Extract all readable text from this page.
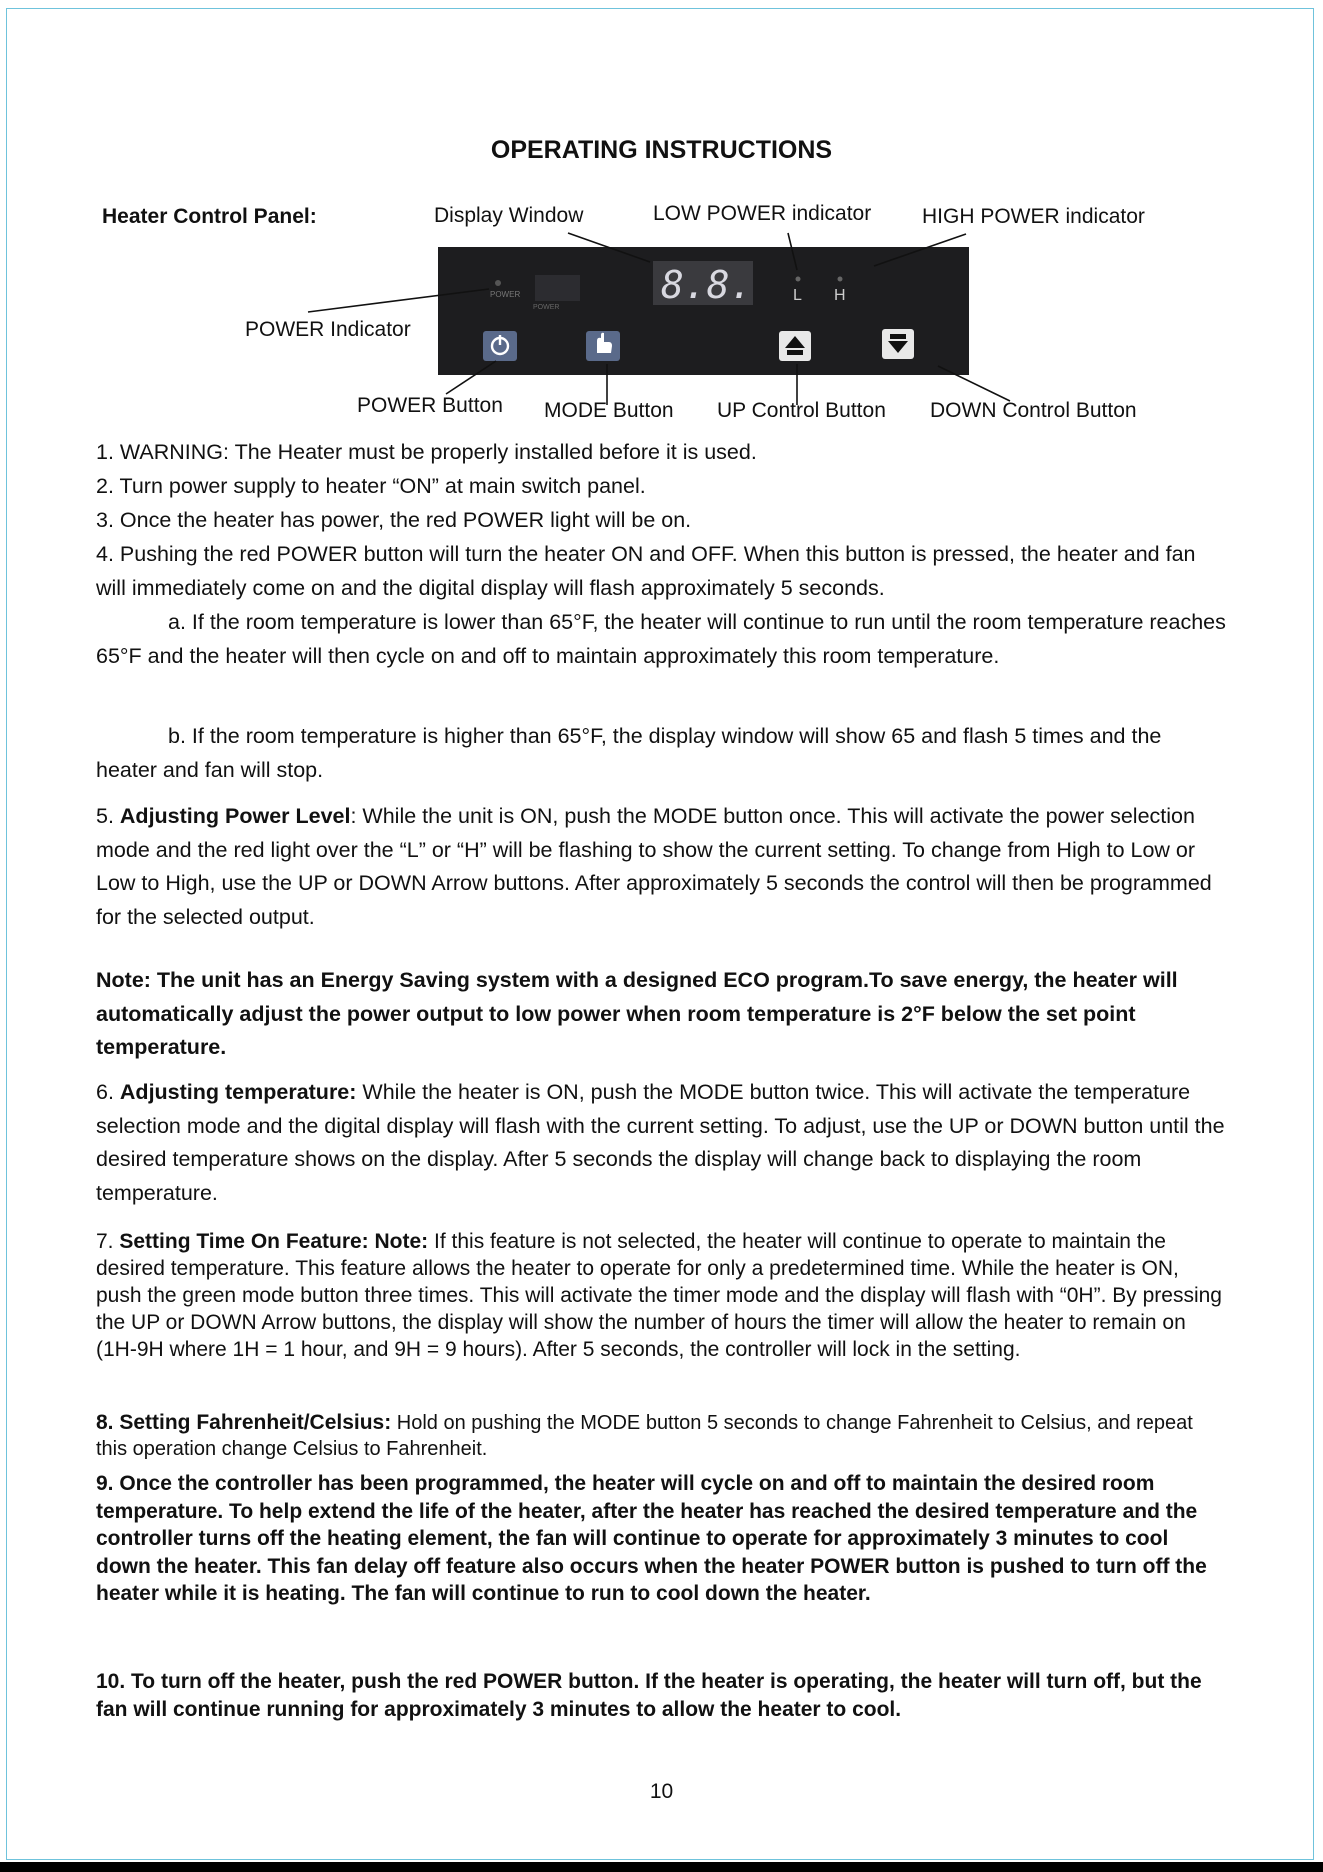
OPERATING INSTRUCTIONS
Heater Control Panel:	Display Window	LOW POWER indicator HIGH POWER indicator
POWER Indicator
POWER Button MODE Button UP Control Button DOWN Control Button
POWER
POWER
8.8.	L H
1. WARNING: The Heater must be properly installed before it is used.
2. Turn power supply to heater “ON” at main switch panel.
3. Once the heater has power, the red POWER light will be on.
4. Pushing the red POWER button will turn the heater ON and OFF. When this button is pressed, the heater and fan will immediately come on and the digital display will flash approximately 5 seconds.
a. If the room temperature is lower than 65°F, the heater will continue to run until the room temperature reaches 65°F and the heater will then cycle on and off to maintain approximately this room temperature.
b. If the room temperature is higher than 65°F, the display window will show 65 and flash 5 times and the heater and fan will stop.
5. Adjusting Power Level: While the unit is ON, push the MODE button once. This will activate the power selection mode and the red light over the “L” or “H” will be flashing to show the current setting. To change from High to Low or Low to High, use the UP or DOWN Arrow buttons. After approximately 5 seconds the control will then be programmed for the selected output.
Note: The unit has an Energy Saving system with a designed ECO program.To save energy, the heater will automatically adjust the power output to low power when room temperature is 2°F below the set point temperature.
6. Adjusting temperature: While the heater is ON, push the MODE button twice. This will activate the temperature selection mode and the digital display will flash with the current setting. To adjust, use the UP or DOWN button until the desired temperature shows on the display. After 5 seconds the display will change back to displaying the room temperature.
7. Setting Time On Feature: Note: If this feature is not selected, the heater will continue to operate to maintain the desired temperature. This feature allows the heater to operate for only a predetermined time. While the heater is ON, push the green mode button three times. This will activate the timer mode and the display will flash with “0H”. By pressing the UP or DOWN Arrow buttons, the display will show the number of hours the timer will allow the heater to remain on (1H-9H where 1H = 1 hour, and 9H = 9 hours). After 5 seconds, the controller will lock in the setting.
8. Setting Fahrenheit/Celsius: Hold on pushing the MODE button 5 seconds to change Fahrenheit to Celsius, and repeat this operation change Celsius to Fahrenheit.
9. Once the controller has been programmed, the heater will cycle on and off to maintain the desired room temperature. To help extend the life of the heater, after the heater has reached the desired temperature and the controller turns off the heating element, the fan will continue to operate for approximately 3 minutes to cool down the heater. This fan delay off feature also occurs when the heater POWER button is pushed to turn off the heater while it is heating. The fan will continue to run to cool down the heater.
10. To turn off the heater, push the red POWER button. If the heater is operating, the heater will turn off, but the fan will continue running for approximately 3 minutes to allow the heater to cool.
10
